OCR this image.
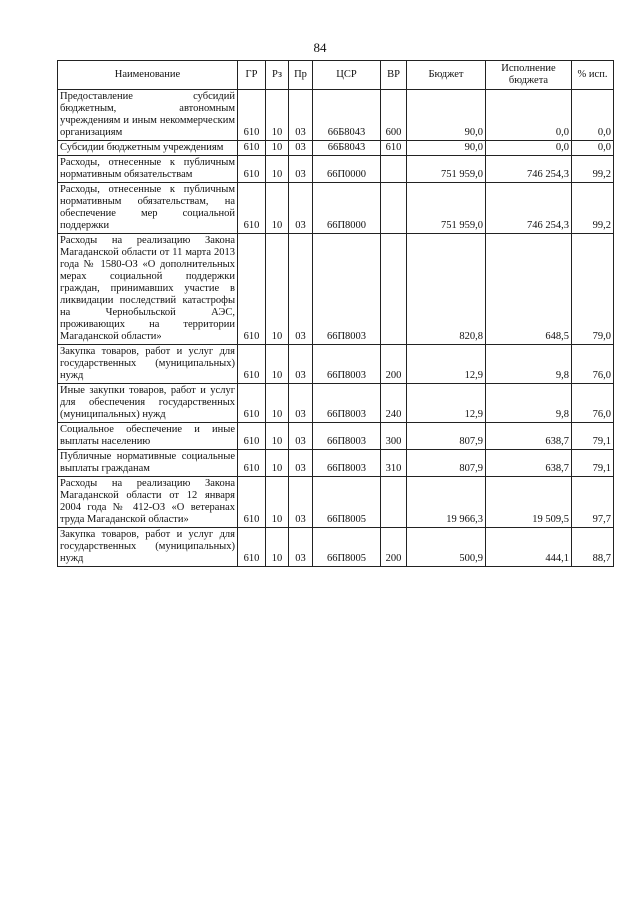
84
Наименование	ГР	Рз	Пр	ЦСР	ВР	Бюджет	Исполнение бюджета	% исп.
Предоставление субсидий бюджетным, автономным учреждениям и иным некоммерческим организациям	610	10	03	66Б8043	600	90,0	0,0	0,0
Субсидии бюджетным учреждениям	610	10	03	66Б8043	610	90,0	0,0	0,0
Расходы, отнесенные к публичным нормативным обязательствам	610	10	03	66П0000		751 959,0	746 254,3	99,2
Расходы, отнесенные к публичным нормативным обязательствам, на обеспечение мер социальной поддержки	610	10	03	66П8000		751 959,0	746 254,3	99,2
Расходы на реализацию Закона Магаданской области от 11 марта 2013 года № 1580-ОЗ «О дополнительных мерах социальной поддержки граждан, принимавших участие в ликвидации последствий катастрофы на Чернобыльской АЭС, проживающих на территории Магаданской области»	610	10	03	66П8003		820,8	648,5	79,0
Закупка товаров, работ и услуг для государственных (муниципальных) нужд	610	10	03	66П8003	200	12,9	9,8	76,0
Иные закупки товаров, работ и услуг для обеспечения государственных (муниципальных) нужд	610	10	03	66П8003	240	12,9	9,8	76,0
Социальное обеспечение и иные выплаты населению	610	10	03	66П8003	300	807,9	638,7	79,1
Публичные нормативные социальные выплаты гражданам	610	10	03	66П8003	310	807,9	638,7	79,1
Расходы на реализацию Закона Магаданской области от 12 января 2004 года № 412-ОЗ «О ветеранах труда Магаданской области»	610	10	03	66П8005		19 966,3	19 509,5	97,7
Закупка товаров, работ и услуг для государственных (муниципальных) нужд	610	10	03	66П8005	200	500,9	444,1	88,7
